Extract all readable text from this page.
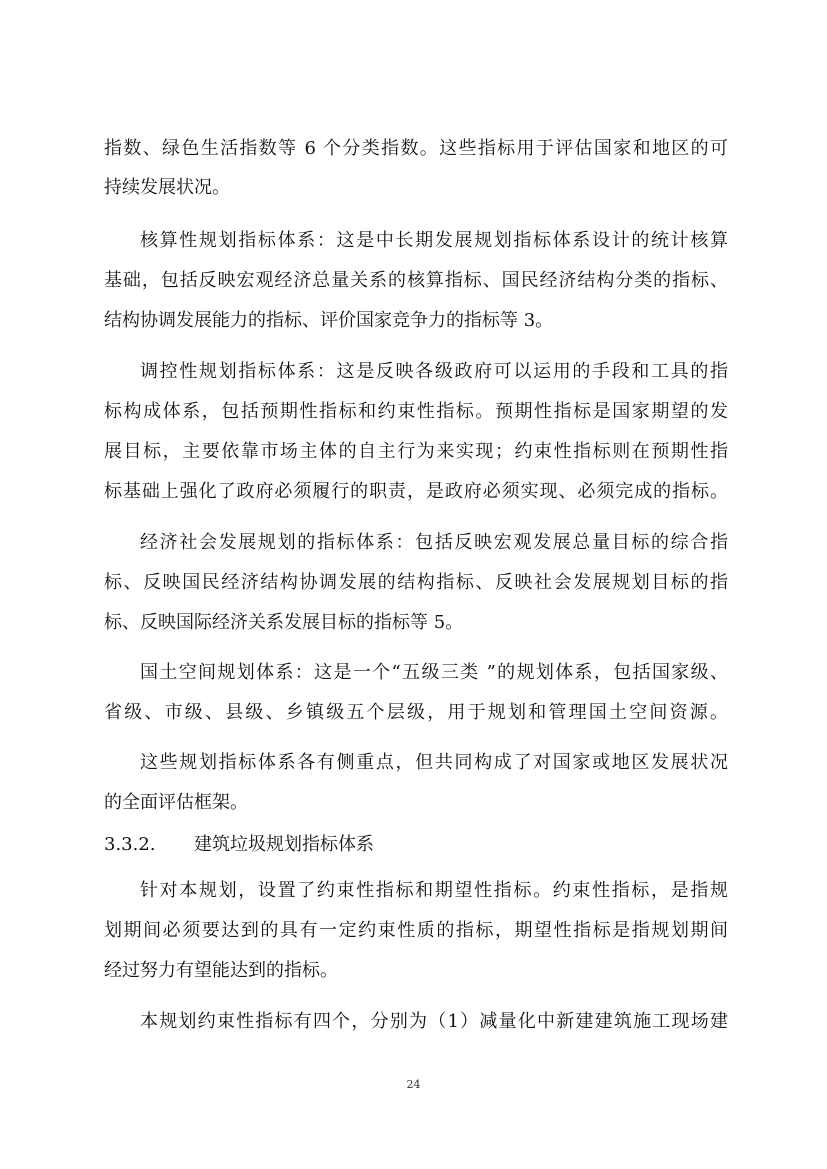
指数、绿色生活指数等 6 个分类指数。这些指标用于评估国家和地区的可
持续发展状况。
核算性规划指标体系：这是中长期发展规划指标体系设计的统计核算
基础，包括反映宏观经济总量关系的核算指标、国民经济结构分类的指标、
结构协调发展能力的指标、评价国家竞争力的指标等 3。
调控性规划指标体系：这是反映各级政府可以运用的手段和工具的指
标构成体系，包括预期性指标和约束性指标。预期性指标是国家期望的发
展目标，主要依靠市场主体的自主行为来实现；约束性指标则在预期性指
标基础上强化了政府必须履行的职责，是政府必须实现、必须完成的指标。
经济社会发展规划的指标体系：包括反映宏观发展总量目标的综合指
标、反映国民经济结构协调发展的结构指标、反映社会发展规划目标的指
标、反映国际经济关系发展目标的指标等 5。
国土空间规划体系：这是一个“五级三类 ”的规划体系，包括国家级、
省级、市级、县级、乡镇级五个层级，用于规划和管理国土空间资源。
这些规划指标体系各有侧重点，但共同构成了对国家或地区发展状况
的全面评估框架。
3.3.2. 建筑垃圾规划指标体系
针对本规划，设置了约束性指标和期望性指标。约束性指标，是指规
划期间必须要达到的具有一定约束性质的指标，期望性指标是指规划期间
经过努力有望能达到的指标。
本规划约束性指标有四个，分别为（1）减量化中新建建筑施工现场建
24
